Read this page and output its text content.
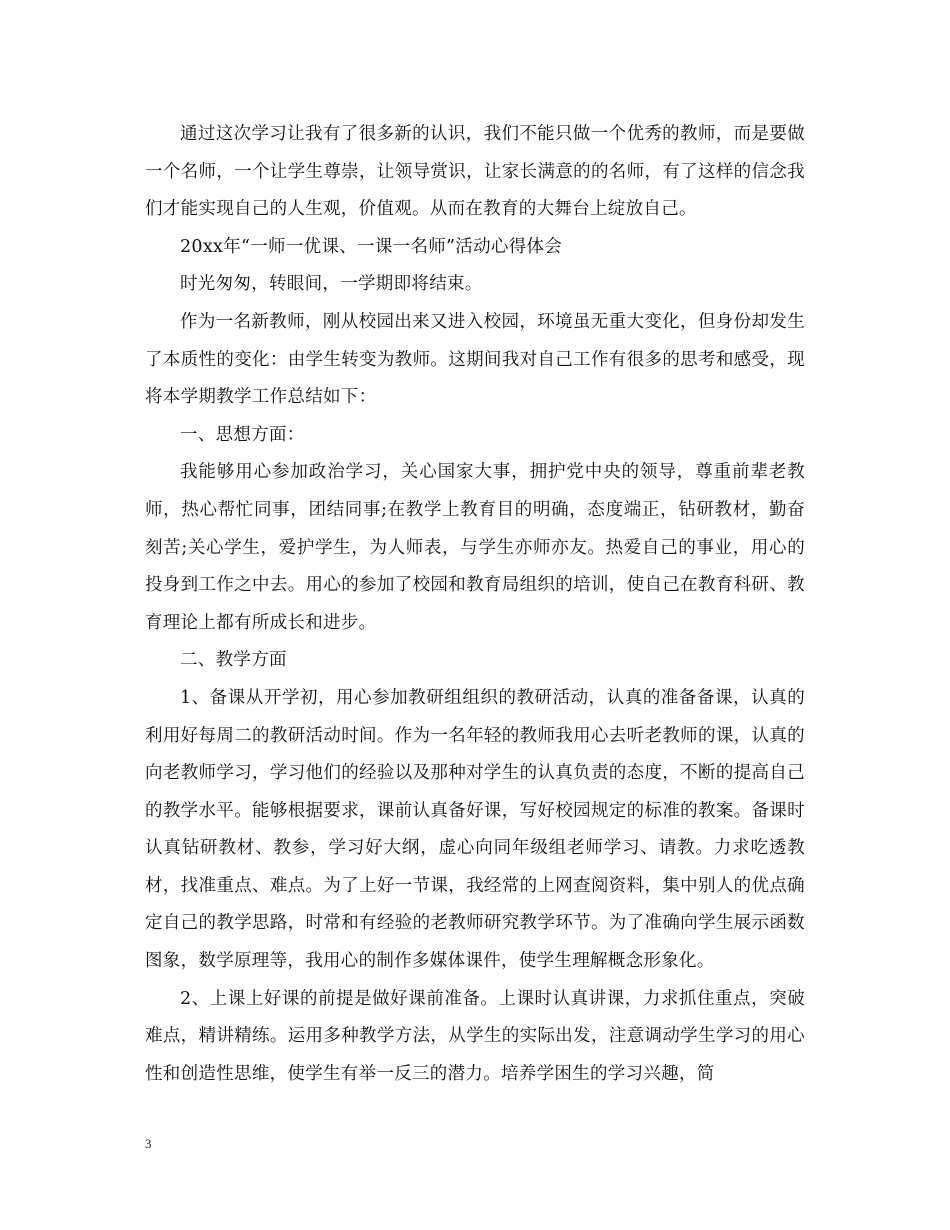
通过这次学习让我有了很多新的认识，我们不能只做一个优秀的教师，而是要做一个名师，一个让学生尊崇，让领导赏识，让家长满意的的名师，有了这样的信念我们才能实现自己的人生观，价值观。从而在教育的大舞台上绽放自己。

20xx年“一师一优课、一课一名师”活动心得体会

时光匆匆，转眼间，一学期即将结束。

作为一名新教师，刚从校园出来又进入校园，环境虽无重大变化，但身份却发生了本质性的变化：由学生转变为教师。这期间我对自己工作有很多的思考和感受，现将本学期教学工作总结如下：

一、思想方面：

我能够用心参加政治学习，关心国家大事，拥护党中央的领导，尊重前辈老教师，热心帮忙同事，团结同事;在教学上教育目的明确，态度端正，钻研教材，勤奋刻苦;关心学生，爱护学生，为人师表，与学生亦师亦友。热爱自己的事业，用心的投身到工作之中去。用心的参加了校园和教育局组织的培训，使自己在教育科研、教育理论上都有所成长和进步。

二、教学方面

1、备课从开学初，用心参加教研组组织的教研活动，认真的准备备课，认真的利用好每周二的教研活动时间。作为一名年轻的教师我用心去听老教师的课，认真的向老教师学习，学习他们的经验以及那种对学生的认真负责的态度，不断的提高自己的教学水平。能够根据要求，课前认真备好课，写好校园规定的标准的教案。备课时认真钻研教材、教参，学习好大纲，虚心向同年级组老师学习、请教。力求吃透教材，找准重点、难点。为了上好一节课，我经常的上网查阅资料，集中别人的优点确定自己的教学思路，时常和有经验的老教师研究教学环节。为了准确向学生展示函数图象，数学原理等，我用心的制作多媒体课件，使学生理解概念形象化。

2、上课上好课的前提是做好课前准备。上课时认真讲课，力求抓住重点，突破难点，精讲精练。运用多种教学方法，从学生的实际出发，注意调动学生学习的用心性和创造性思维，使学生有举一反三的潜力。培养学困生的学习兴趣，简

3
